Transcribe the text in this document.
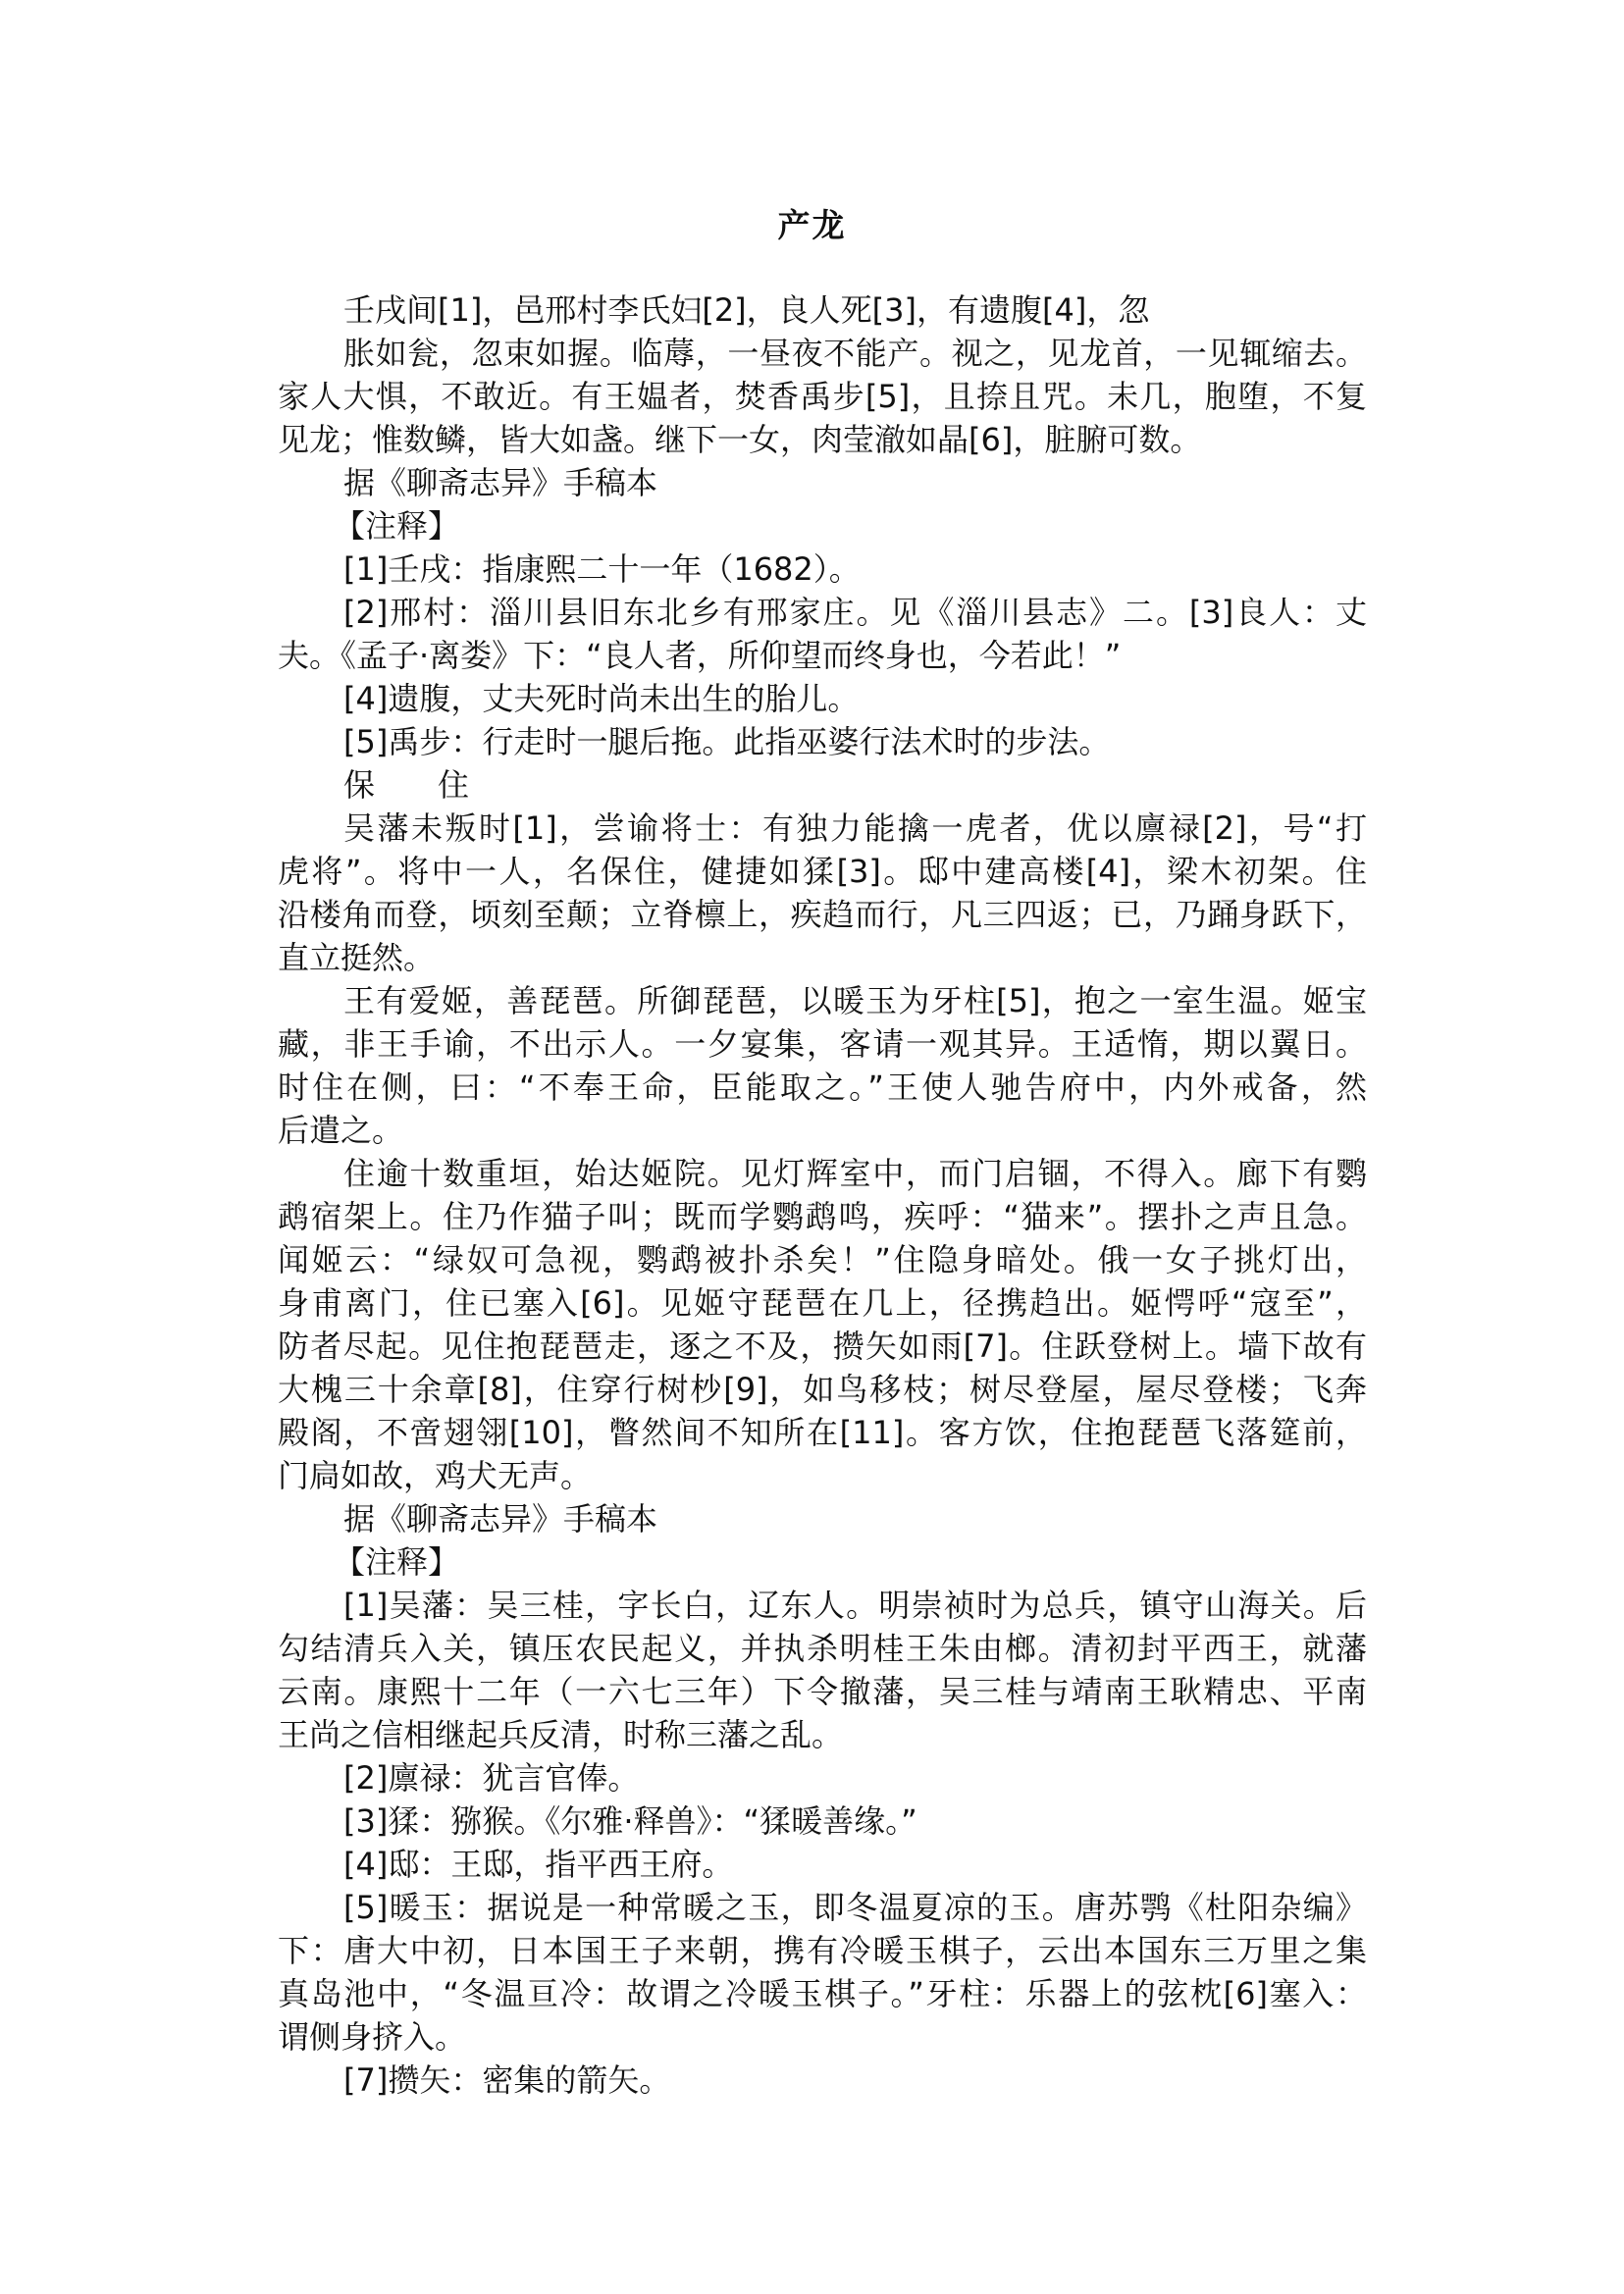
产龙
壬戌间[1]，邑邢村李氏妇[2]，良人死[3]，有遗腹[4]，忽
胀如瓮，忽束如握。临蓐，一昼夜不能产。视之，见龙首，一见辄缩去。
家人大惧，不敢近。有王媪者，焚香禹步[5]，且捺且咒。未几，胞堕，不复
见龙；惟数鳞，皆大如盏。继下一女，肉莹澈如晶[6]，脏腑可数。
据《聊斋志异》手稿本
【注释】
[1]壬戌：指康熙二十一年（1682）。
[2]邢村：淄川县旧东北乡有邢家庄。见《淄川县志》二。[3]良人：丈
夫。《孟子·离娄》下：“良人者，所仰望而终身也，今若此！”
[4]遗腹，丈夫死时尚未出生的胎儿。
[5]禹步：行走时一腿后拖。此指巫婆行法术时的步法。
保　　住
吴藩未叛时[1]，尝谕将士：有独力能擒一虎者，优以廪禄[2]，号“打
虎将”。将中一人，名保住，健捷如猱[3]。邸中建高楼[4]，梁木初架。住
沿楼角而登，顷刻至颠；立脊檩上，疾趋而行，凡三四返；已，乃踊身跃下，
直立挺然。
王有爱姬，善琵琶。所御琵琶，以暖玉为牙柱[5]，抱之一室生温。姬宝
藏，非王手谕，不出示人。一夕宴集，客请一观其异。王适惰，期以翼日。
时住在侧，曰：“不奉王命，臣能取之。”王使人驰告府中，内外戒备，然
后遣之。
住逾十数重垣，始达姬院。见灯辉室中，而门启锢，不得入。廊下有鹦
鹉宿架上。住乃作猫子叫；既而学鹦鹉鸣，疾呼：“猫来”。摆扑之声且急。
闻姬云：“绿奴可急视，鹦鹉被扑杀矣！”住隐身暗处。俄一女子挑灯出，
身甫离门，住已塞入[6]。见姬守琵琶在几上，径携趋出。姬愕呼“寇至”，
防者尽起。见住抱琵琶走，逐之不及，攒矢如雨[7]。住跃登树上。墙下故有
大槐三十余章[8]，住穿行树杪[9]，如鸟移枝；树尽登屋，屋尽登楼；飞奔
殿阁，不啻翅翎[10]，瞥然间不知所在[11]。客方饮，住抱琵琶飞落筵前，
门扃如故，鸡犬无声。
据《聊斋志异》手稿本
【注释】
[1]吴藩：吴三桂，字长白，辽东人。明崇祯时为总兵，镇守山海关。后
勾结清兵入关，镇压农民起义，并执杀明桂王朱由榔。清初封平西王，就藩
云南。康熙十二年（一六七三年）下令撤藩，吴三桂与靖南王耿精忠、平南
王尚之信相继起兵反清，时称三藩之乱。
[2]廪禄：犹言官俸。
[3]猱：猕猴。《尔雅·释兽》：“猱暖善缘。”
[4]邸：王邸，指平西王府。
[5]暖玉：据说是一种常暖之玉，即冬温夏凉的玉。唐苏鹗《杜阳杂编》
下：唐大中初，日本国王子来朝，携有冷暖玉棋子，云出本国东三万里之集
真岛池中，“冬温亘冷：故谓之冷暖玉棋子。”牙柱：乐器上的弦枕[6]塞入：
谓侧身挤入。
[7]攒矢：密集的箭矢。
